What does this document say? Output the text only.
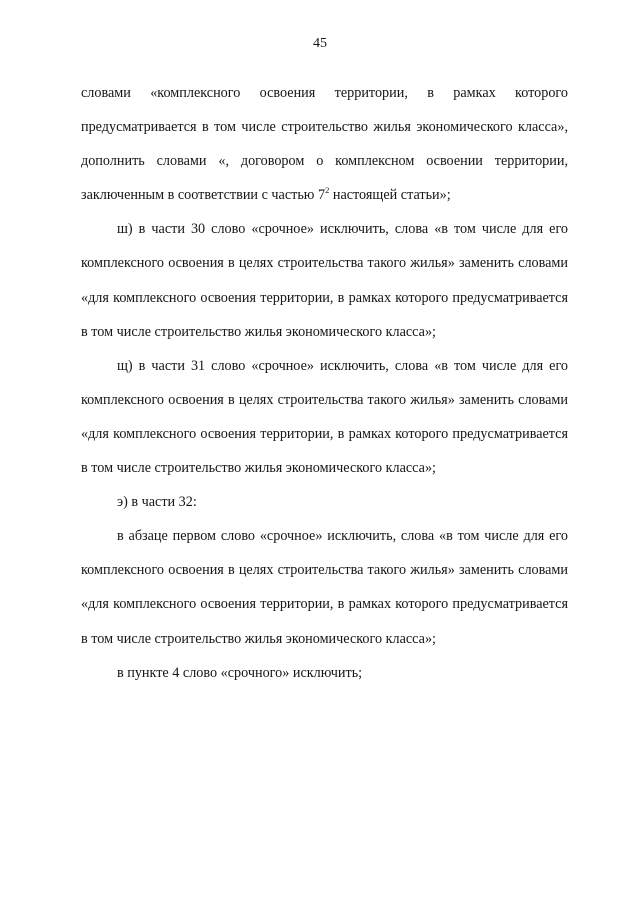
45

словами «комплексного освоения территории, в рамках которого предусматривается в том числе строительство жилья экономического класса», дополнить словами «, договором о комплексном освоении территории, заключенным в соответствии с частью $7^2$ настоящей статьи»;

ш) в части 30 слово «срочное» исключить, слова «в том числе для его комплексного освоения в целях строительства такого жилья» заменить словами «для комплексного освоения территории, в рамках которого предусматривается в том числе строительство жилья экономического класса»;

щ) в части 31 слово «срочное» исключить, слова «в том числе для его комплексного освоения в целях строительства такого жилья» заменить словами «для комплексного освоения территории, в рамках которого предусматривается в том числе строительство жилья экономического класса»;

э) в части 32:

в абзаце первом слово «срочное» исключить, слова «в том числе для его комплексного освоения в целях строительства такого жилья» заменить словами «для комплексного освоения территории, в рамках которого предусматривается в том числе строительство жилья экономического класса»;

в пункте 4 слово «срочного» исключить;
